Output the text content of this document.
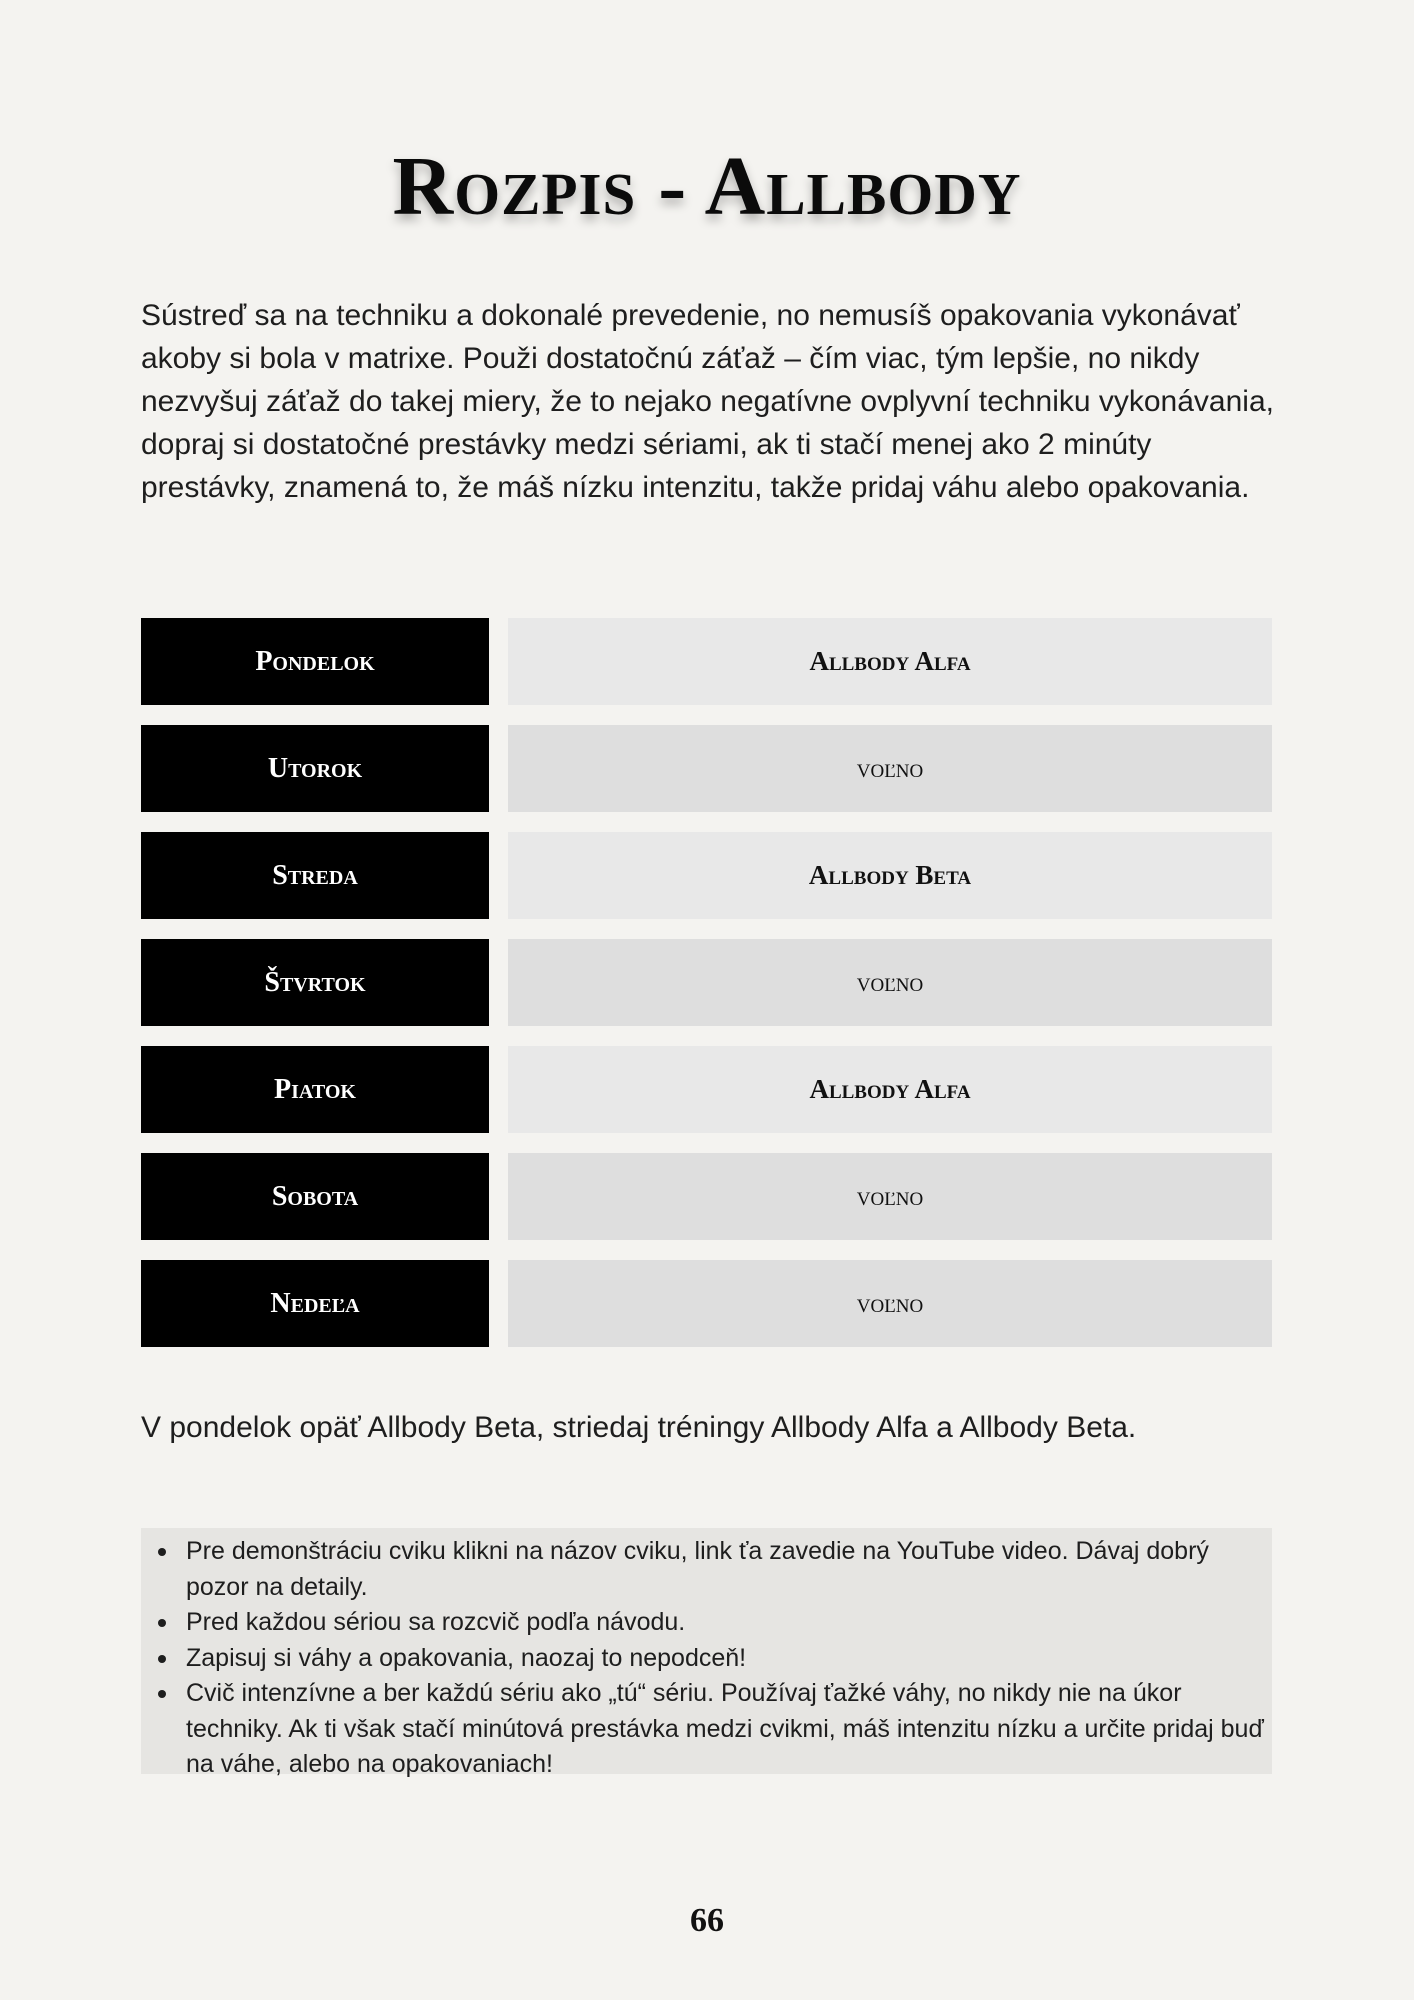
Rozpis - Allbody

Sústreď sa na techniku a dokonalé prevedenie, no nemusíš opakovania vykonávať akoby si bola v matrixe. Použi dostatočnú záťaž – čím viac, tým lepšie, no nikdy nezvyšuj záťaž do takej miery, že to nejako negatívne ovplyvní techniku vykonávania, dopraj si dostatočné prestávky medzi sériami, ak ti stačí menej ako 2 minúty prestávky, znamená to, že máš nízku intenzitu, takže pridaj váhu alebo opakovania.

Pondelok	Allbody Alfa
Utorok	voľno
Streda	Allbody Beta
Štvrtok	voľno
Piatok	Allbody Alfa
Sobota	voľno
Nedeľa	voľno

V pondelok opäť Allbody Beta, striedaj tréningy Allbody Alfa a Allbody Beta.

Pre demonštráciu cviku klikni na názov cviku, link ťa zavedie na YouTube video. Dávaj dobrý pozor na detaily.
Pred každou sériou sa rozcvič podľa návodu.
Zapisuj si váhy a opakovania, naozaj to nepodceň!
Cvič intenzívne a ber každú sériu ako „tú“ sériu. Používaj ťažké váhy, no nikdy nie na úkor techniky. Ak ti však stačí minútová prestávka medzi cvikmi, máš intenzitu nízku a určite pridaj buď na váhe, alebo na opakovaniach!
66
